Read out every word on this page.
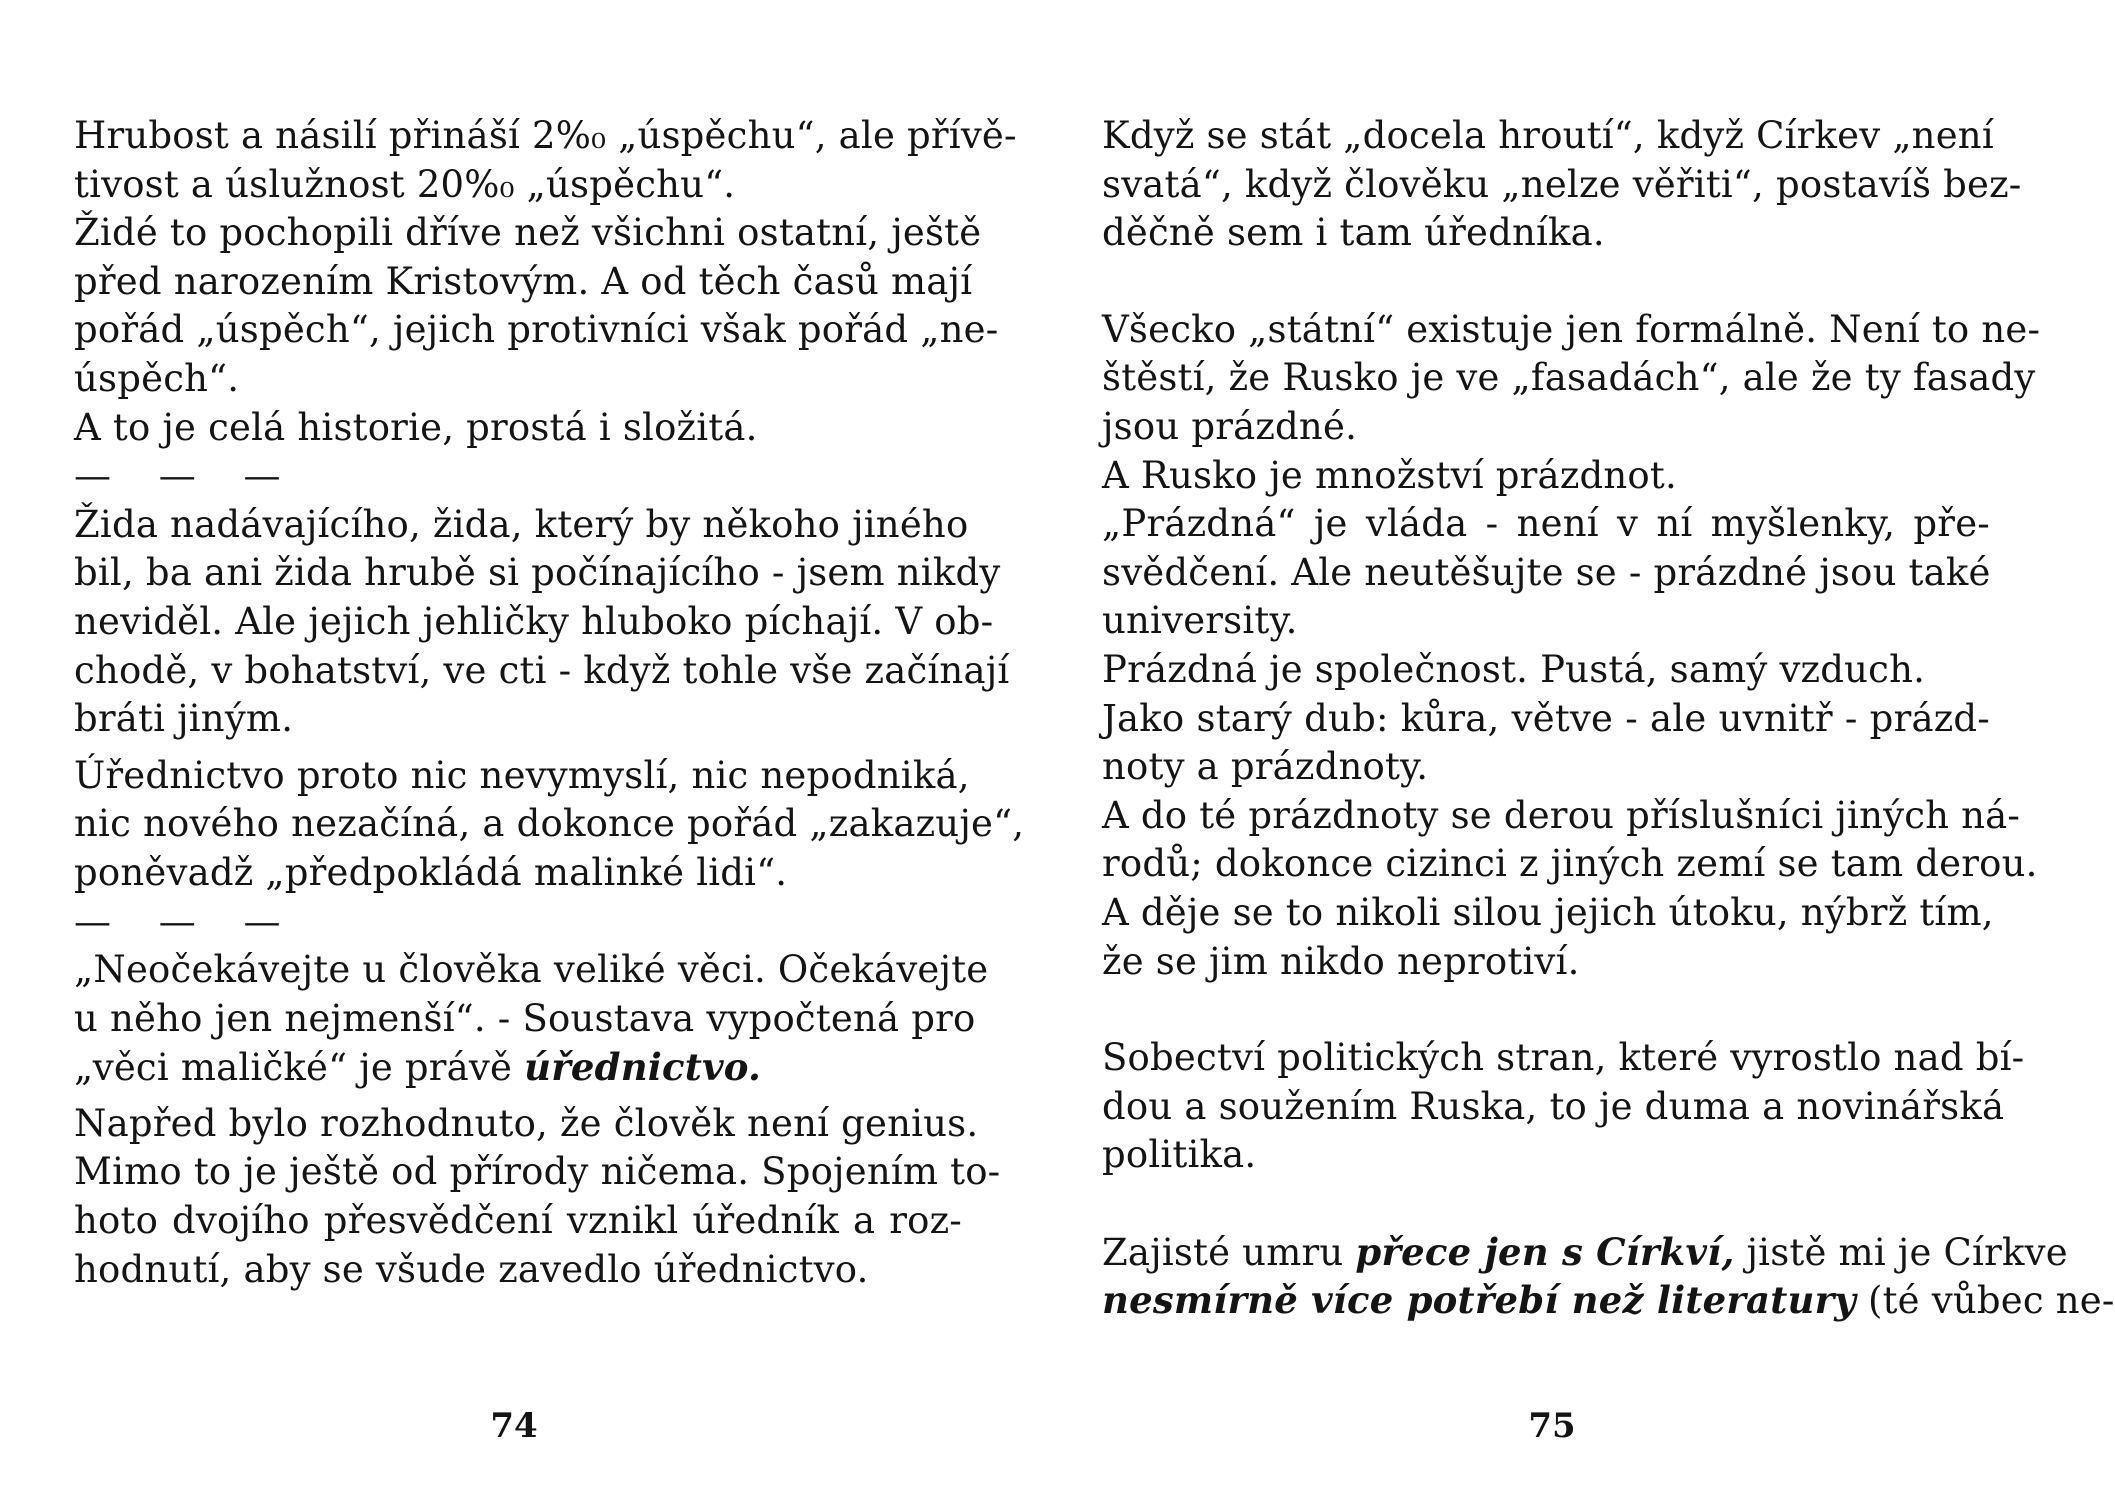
Hrubost a násilí přináší 2%₀ „úspěchu“, ale přívě-
tivost a úslužnost 20%₀ „úspěchu“.
Židé to pochopili dříve než všichni ostatní, ještě
před narozením Kristovým. A od těch časů mají
pořád „úspěch“, jejich protivníci však pořád „ne-
úspěch“.
A to je celá historie, prostá i složitá.
— — —
Žida nadávajícího, žida, který by někoho jiného
bil, ba ani žida hrubě si počínajícího - jsem nikdy
neviděl. Ale jejich jehličky hluboko píchají. V ob-
chodě, v bohatství, ve cti - když tohle vše začínají
bráti jiným.
Úřednictvo proto nic nevymyslí, nic nepodniká,
nic nového nezačíná, a dokonce pořád „zakazuje“,
poněvadž „předpokládá malinké lidi“.
— — —
„Neočekávejte u člověka veliké věci. Očekávejte
u něho jen nejmenší“. - Soustava vypočtená pro
„věci maličké“ je právě úřednictvo.
Napřed bylo rozhodnuto, že člověk není genius.
Mimo to je ještě od přírody ničema. Spojením to-
hoto dvojího přesvědčení vznikl úředník a roz-
hodnutí, aby se všude zavedlo úřednictvo.
74
Když se stát „docela hroutí“, když Církev „není
svatá“, když člověku „nelze věřiti“, postavíš bez-
děčně sem i tam úředníka.
Všecko „státní“ existuje jen formálně. Není to ne-
štěstí, že Rusko je ve „fasadách“, ale že ty fasady
jsou prázdné.
A Rusko je množství prázdnot.
„Prázdná“ je vláda - není v ní myšlenky, pře-
svědčení. Ale neutěšujte se - prázdné jsou také
university.
Prázdná je společnost. Pustá, samý vzduch.
Jako starý dub: kůra, větve - ale uvnitř - prázd-
noty a prázdnoty.
A do té prázdnoty se derou příslušníci jiných ná-
rodů; dokonce cizinci z jiných zemí se tam derou.
A děje se to nikoli silou jejich útoku, nýbrž tím,
že se jim nikdo neprotiví.
Sobectví politických stran, které vyrostlo nad bí-
dou a soužením Ruska, to je duma a novinářská
politika.
Zajisté umru přece jen s Církví, jistě mi je Církve
nesmírně více potřebí než literatury (té vůbec ne-
75
